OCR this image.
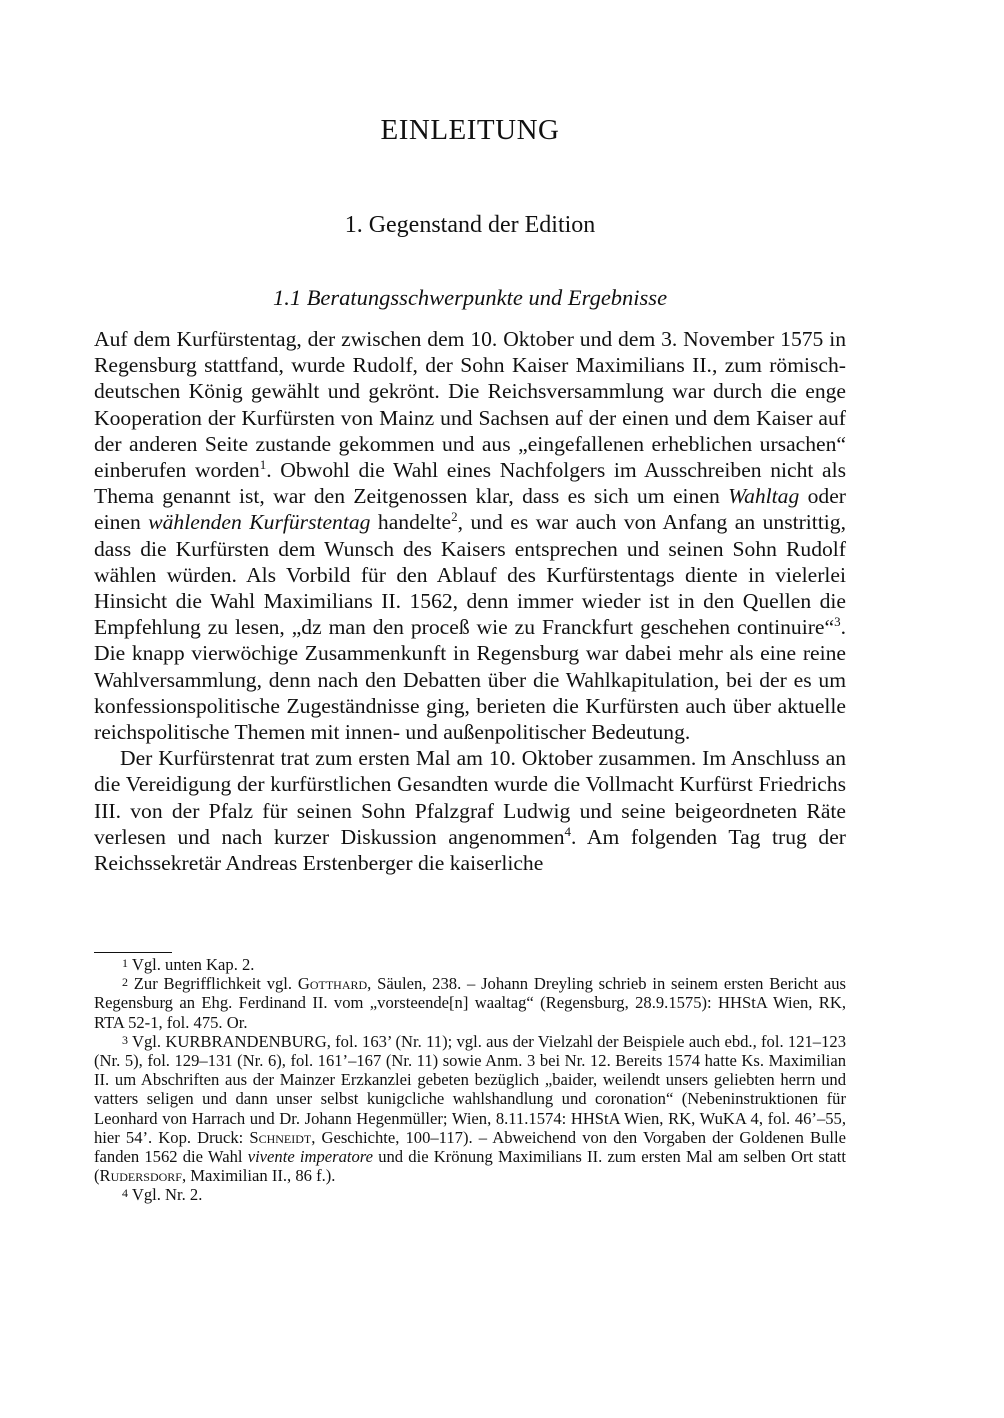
EINLEITUNG
1. Gegenstand der Edition
1.1 Beratungsschwerpunkte und Ergebnisse

Auf dem Kurfürstentag, der zwischen dem 10. Oktober und dem 3. November 1575 in Regensburg stattfand, wurde Rudolf, der Sohn Kaiser Maximilians II., zum römisch-deutschen König gewählt und gekrönt. Die Reichsversammlung war durch die enge Kooperation der Kurfürsten von Mainz und Sachsen auf der einen und dem Kaiser auf der anderen Seite zustande gekommen und aus „eingefallenen erheblichen ursachen“ einberufen worden$^1$. Obwohl die Wahl eines Nachfolgers im Ausschreiben nicht als Thema genannt ist, war den Zeitgenossen klar, dass es sich um einen Wahltag oder einen wählenden Kurfürstentag handelte$^2$, und es war auch von Anfang an unstrittig, dass die Kurfürsten dem Wunsch des Kaisers entsprechen und seinen Sohn Rudolf wählen würden. Als Vorbild für den Ablauf des Kurfürstentags diente in vielerlei Hinsicht die Wahl Maximilians II. 1562, denn immer wieder ist in den Quellen die Empfehlung zu lesen, „dz man den proceß wie zu Franckfurt geschehen continuire“$^3$. Die knapp vierwöchige Zusammenkunft in Regensburg war dabei mehr als eine reine Wahlversammlung, denn nach den Debatten über die Wahlkapitulation, bei der es um konfessionspolitische Zugeständnisse ging, berieten die Kurfürsten auch über aktuelle reichspolitische Themen mit innen- und außenpolitischer Bedeutung.

Der Kurfürstenrat trat zum ersten Mal am 10. Oktober zusammen. Im Anschluss an die Vereidigung der kurfürstlichen Gesandten wurde die Vollmacht Kurfürst Friedrichs III. von der Pfalz für seinen Sohn Pfalzgraf Ludwig und seine beigeordneten Räte verlesen und nach kurzer Diskussion angenommen$^4$. Am folgenden Tag trug der Reichssekretär Andreas Erstenberger die kaiserliche

1 Vgl. unten Kap. 2.

2 Zur Begrifflichkeit vgl. Gotthard, Säulen, 238. – Johann Dreyling schrieb in seinem ersten Bericht aus Regensburg an Ehg. Ferdinand II. vom „vorsteende[n] waaltag“ (Regensburg, 28.9.1575): HHStA Wien, RK, RTA 52-1, fol. 475. Or.

3 Vgl. KURBRANDENBURG, fol. 163’ (Nr. 11); vgl. aus der Vielzahl der Beispiele auch ebd., fol. 121–123 (Nr. 5), fol. 129–131 (Nr. 6), fol. 161’–167 (Nr. 11) sowie Anm. 3 bei Nr. 12. Bereits 1574 hatte Ks. Maximilian II. um Abschriften aus der Mainzer Erzkanzlei gebeten bezüglich „baider, weilendt unsers geliebten herrn und vatters seligen und dann unser selbst kunigcliche wahlshandlung und coronation“ (Nebeninstruktionen für Leonhard von Harrach und Dr. Johann Hegenmüller; Wien, 8.11.1574: HHStA Wien, RK, WuKA 4, fol. 46’–55, hier 54’. Kop. Druck: Schneidt, Geschichte, 100–117). – Abweichend von den Vorgaben der Goldenen Bulle fanden 1562 die Wahl vivente imperatore und die Krönung Maximilians II. zum ersten Mal am selben Ort statt (Rudersdorf, Maximilian II., 86 f.).

4 Vgl. Nr. 2.
